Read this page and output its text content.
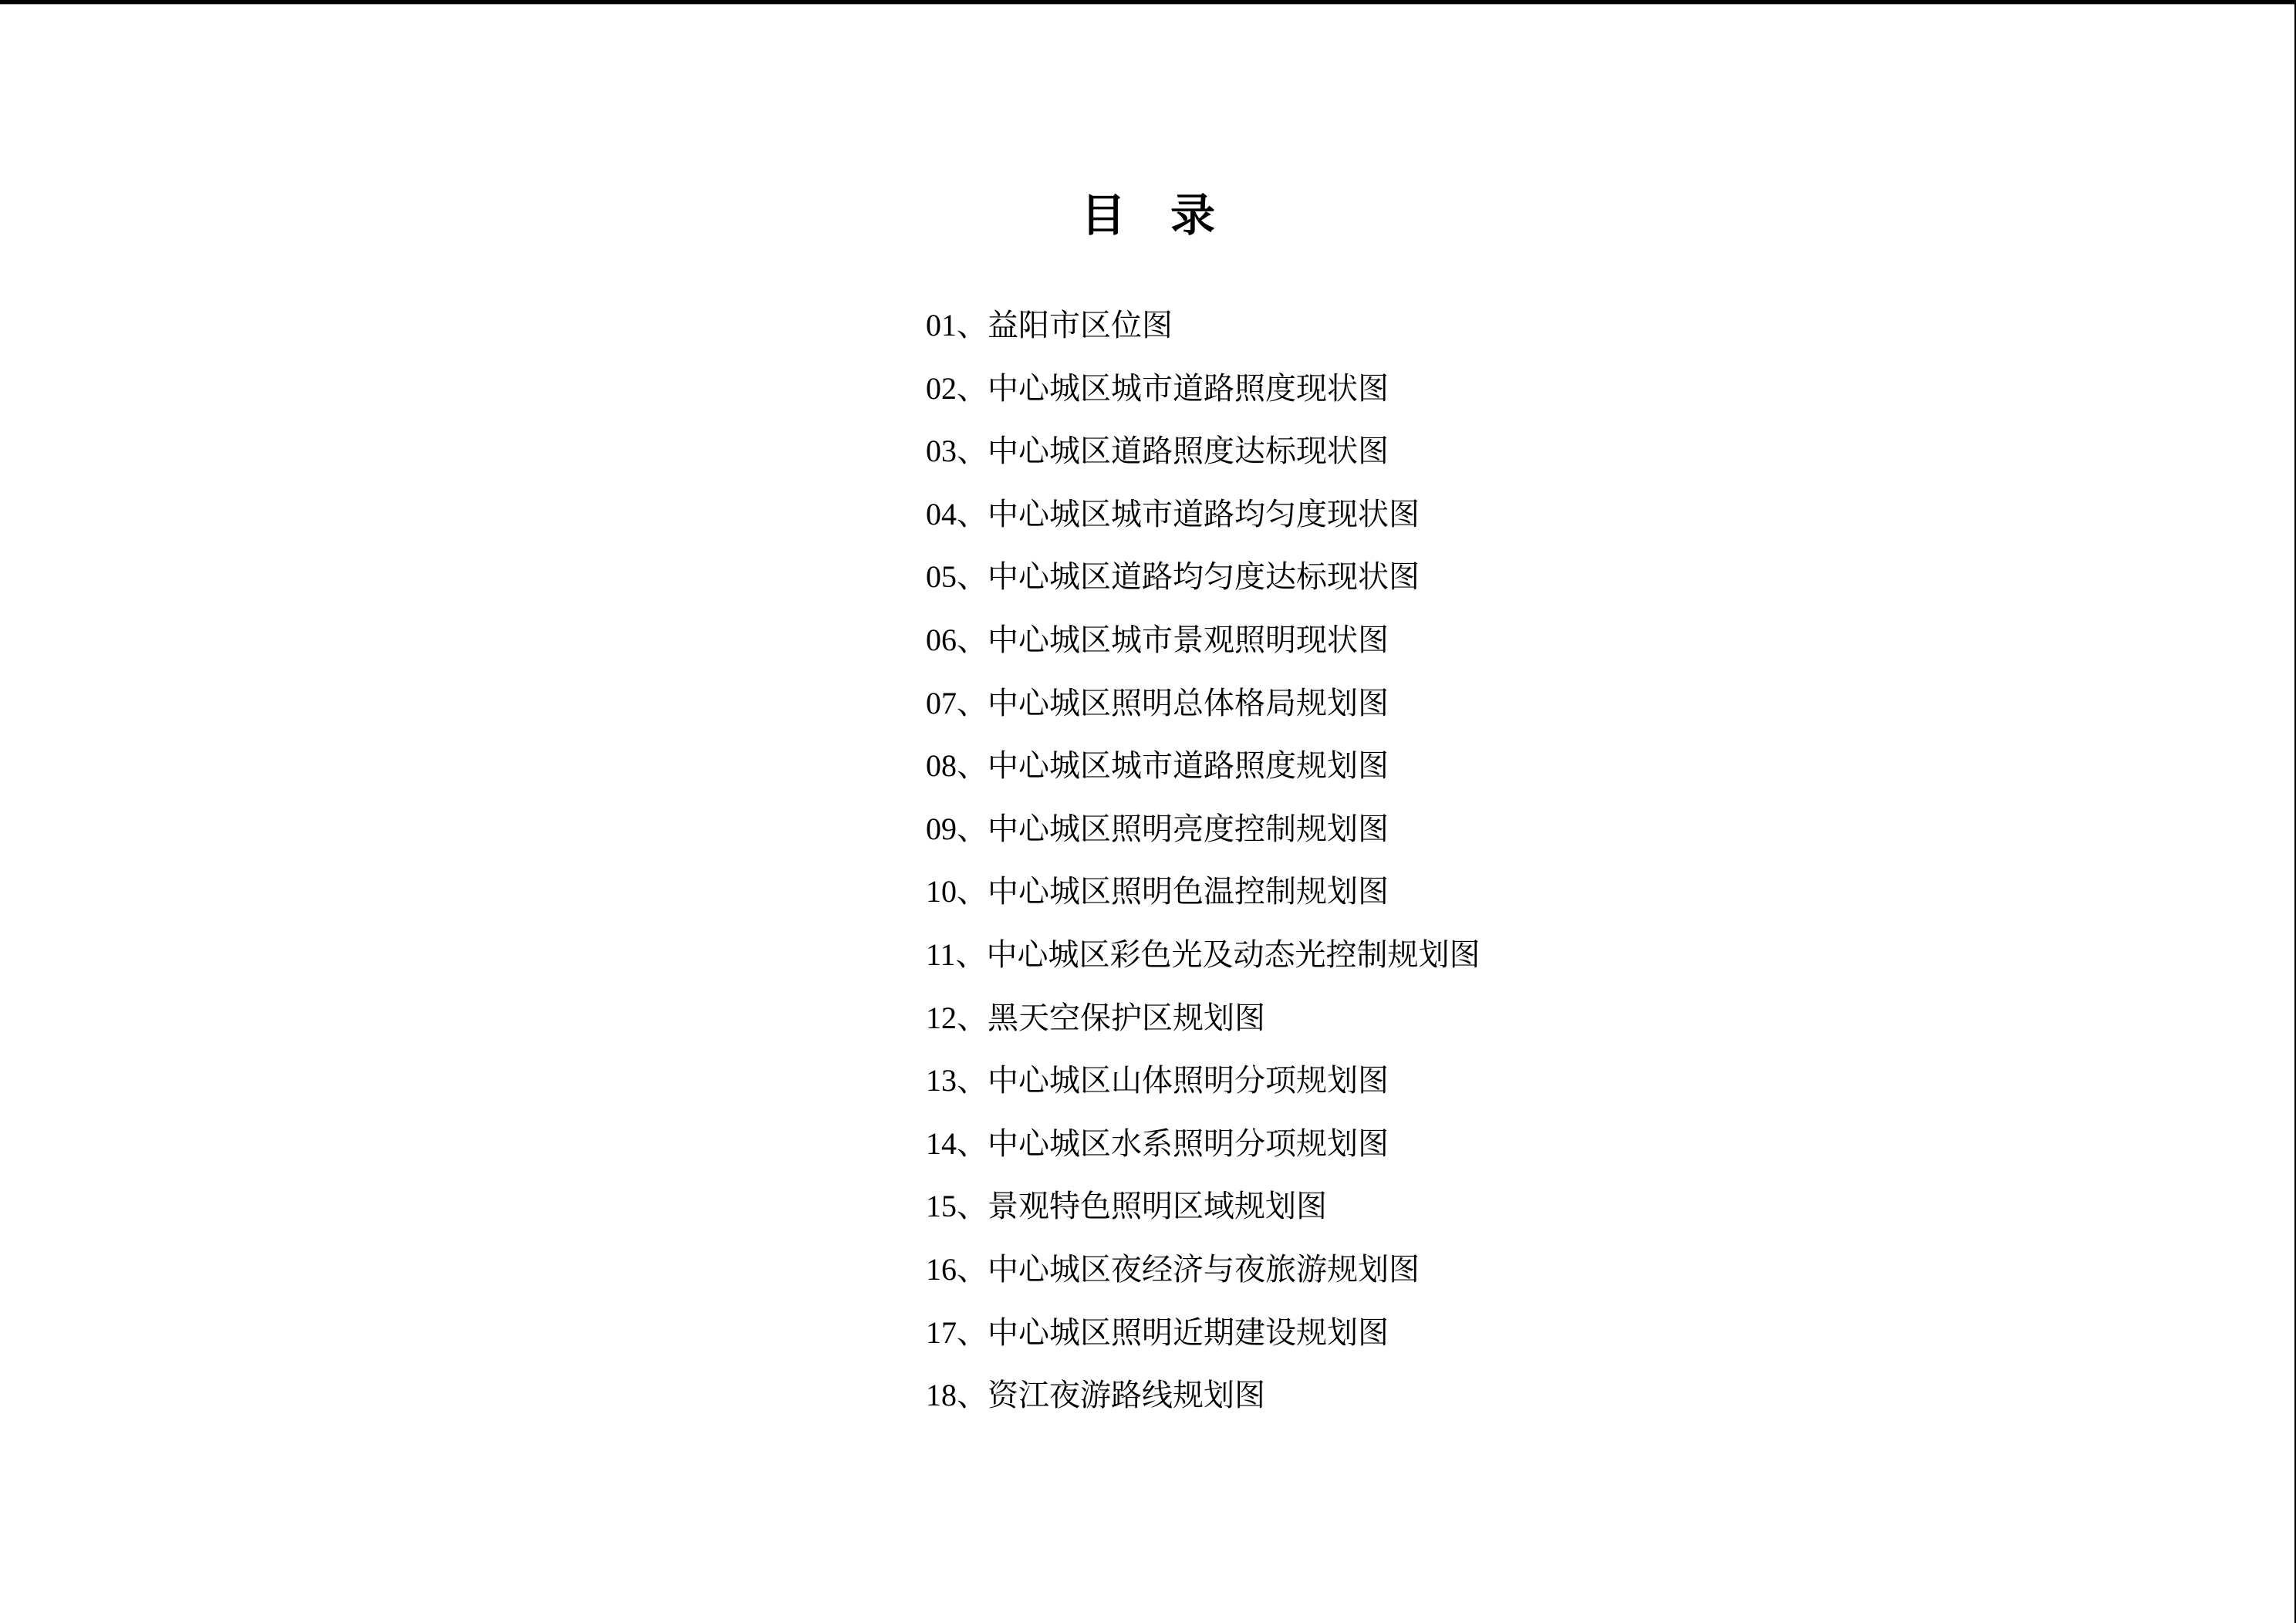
目　录
01、益阳市区位图
02、中心城区城市道路照度现状图
03、中心城区道路照度达标现状图
04、中心城区城市道路均匀度现状图
05、中心城区道路均匀度达标现状图
06、中心城区城市景观照明现状图
07、中心城区照明总体格局规划图
08、中心城区城市道路照度规划图
09、中心城区照明亮度控制规划图
10、中心城区照明色温控制规划图
11、中心城区彩色光及动态光控制规划图
12、黑天空保护区规划图
13、中心城区山体照明分项规划图
14、中心城区水系照明分项规划图
15、景观特色照明区域规划图
16、中心城区夜经济与夜旅游规划图
17、中心城区照明近期建设规划图
18、资江夜游路线规划图
